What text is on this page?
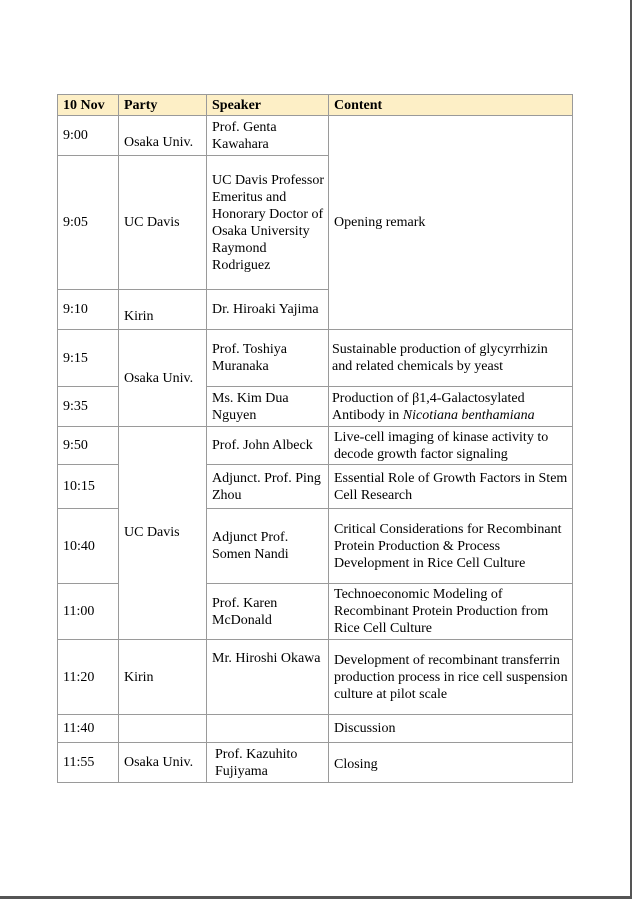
10 Nov	Party	Speaker	Content
9:00	Osaka Univ.	Prof. Genta Kawahara	Opening remark
9:05	UC Davis	UC Davis Professor Emeritus and Honorary Doctor of Osaka University Raymond Rodriguez	
9:10	Kirin	Dr. Hiroaki Yajima	
9:15	Osaka Univ.	Prof. Toshiya Muranaka	Sustainable production of glycyrrhizin and related chemicals by yeast
9:35		Ms. Kim Dua Nguyen	Production of β1,4-Galactosylated Antibody in Nicotiana benthamiana
9:50	UC Davis	Prof. John Albeck	Live-cell imaging of kinase activity to decode growth factor signaling
10:15		Adjunct. Prof. Ping Zhou	Essential Role of Growth Factors in Stem Cell Research
10:40		Adjunct Prof. Somen Nandi	Critical Considerations for Recombinant Protein Production & Process Development in Rice Cell Culture
11:00		Prof. Karen McDonald	Technoeconomic Modeling of Recombinant Protein Production from Rice Cell Culture
11:20	Kirin	Mr. Hiroshi Okawa	Development of recombinant transferrin production process in rice cell suspension culture at pilot scale
11:40			Discussion
11:55	Osaka Univ.	Prof. Kazuhito Fujiyama	Closing
